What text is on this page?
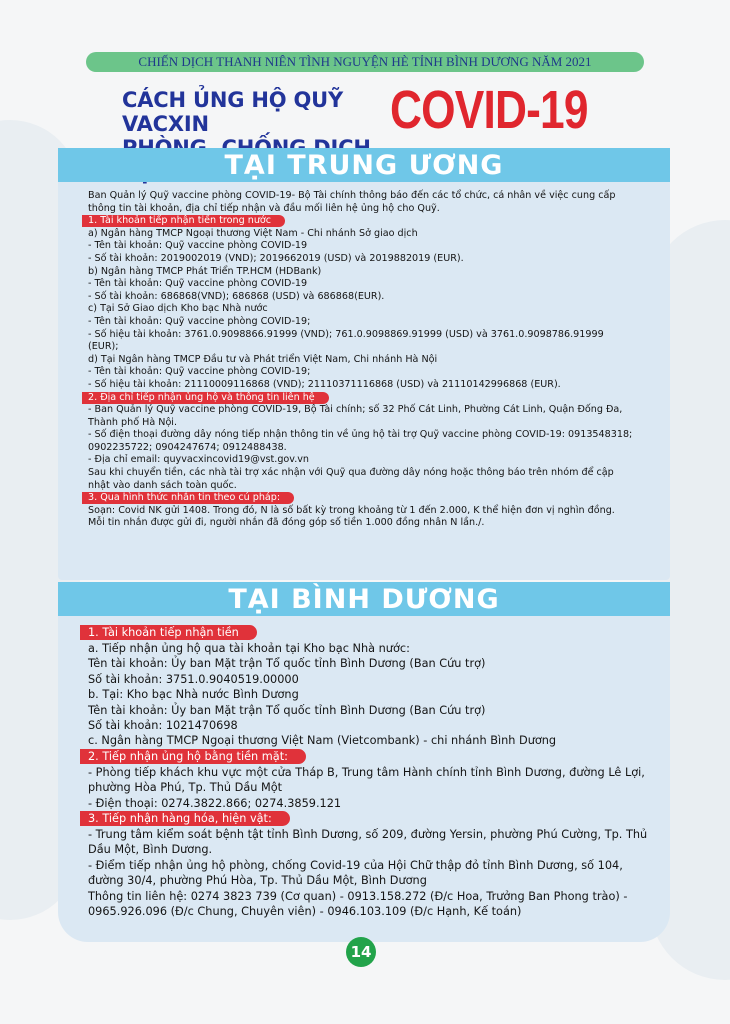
CHIẾN DỊCH THANH NIÊN TÌNH NGUYỆN HÈ TỈNH BÌNH DƯƠNG NĂM 2021
CÁCH ỦNG HỘ QUỸ VACXIN	COVID-19
TẠI TRUNG ƯƠNG
TẠI BÌNH DƯƠNG
Ban Quản lý Quỹ vaccine phòng COVID-19- Bộ Tài chính thông báo đến các tổ chức, cá nhân về việc cung cấp
thông tin tài khoản, địa chỉ tiếp nhận và đầu mối liên hệ ủng hộ cho Quỹ.
1. Tài khoản tiếp nhận tiền trong nước
a) Ngân hàng TMCP Ngoại thương Việt Nam - Chi nhánh Sở giao dịch
- Tên tài khoản: Quỹ vaccine phòng COVID-19
- Số tài khoản: 2019002019 (VND); 2019662019 (USD) và 2019882019 (EUR).
b) Ngân hàng TMCP Phát Triển TP.HCM (HDBank)
- Tên tài khoản: Quỹ vaccine phòng COVID-19
- Số tài khoản: 686868(VND); 686868 (USD) và 686868(EUR).
c) Tại Sở Giao dịch Kho bạc Nhà nước
- Tên tài khoản: Quỹ vaccine phòng COVID-19;
- Số hiệu tài khoản: 3761.0.9098866.91999 (VND); 761.0.9098869.91999 (USD) và 3761.0.9098786.91999
(EUR);
d) Tại Ngân hàng TMCP Đầu tư và Phát triển Việt Nam, Chi nhánh Hà Nội
- Tên tài khoản: Quỹ vaccine phòng COVID-19;
- Số hiệu tài khoản: 21110009116868 (VND); 21110371116868 (USD) và 21110142996868 (EUR).
2. Địa chỉ tiếp nhận ủng hộ và thông tin liên hệ
- Ban Quản lý Quỹ vaccine phòng COVID-19, Bộ Tài chính; số 32 Phố Cát Linh, Phường Cát Linh, Quận Đống Đa,
Thành phố Hà Nội.
- Số điện thoại đường dây nóng tiếp nhận thông tin về ủng hộ tài trợ Quỹ vaccine phòng COVID-19: 0913548318;
0902235722; 0904247674; 0912488438.
- Địa chỉ email: quyvacxincovid19@vst.gov.vn
Sau khi chuyển tiền, các nhà tài trợ xác nhận với Quỹ qua đường dây nóng hoặc thông báo trên nhóm để cập
nhật vào danh sách toàn quốc.
3. Qua hình thức nhắn tin theo cú pháp:
Soạn: Covid NK gửi 1408. Trong đó, N là số bất kỳ trong khoảng từ 1 đến 2.000, K thể hiện đơn vị nghìn đồng.
Mỗi tin nhắn được gửi đi, người nhắn đã đóng góp số tiền 1.000 đồng nhân N lần./.
1. Tài khoản tiếp nhận tiền
a. Tiếp nhận ủng hộ qua tài khoản tại Kho bạc Nhà nước:
Tên tài khoản: Ủy ban Mặt trận Tổ quốc tỉnh Bình Dương (Ban Cứu trợ)
Số tài khoản: 3751.0.9040519.00000
b. Tại: Kho bạc Nhà nước Bình Dương
Tên tài khoản: Ủy ban Mặt trận Tổ quốc tỉnh Bình Dương (Ban Cứu trợ)
Số tài khoản: 1021470698
c. Ngân hàng TMCP Ngoại thương Việt Nam (Vietcombank) - chi nhánh Bình Dương
2. Tiếp nhận ủng hộ bằng tiền mặt:
- Phòng tiếp khách khu vực một cửa Tháp B, Trung tâm Hành chính tỉnh Bình Dương, đường Lê Lợi,
phường Hòa Phú, Tp. Thủ Dầu Một
- Điện thoại: 0274.3822.866; 0274.3859.121
3. Tiếp nhận hàng hóa, hiện vật:
- Trung tâm kiểm soát bệnh tật tỉnh Bình Dương, số 209, đường Yersin, phường Phú Cường, Tp. Thủ
Dầu Một, Bình Dương.
- Điểm tiếp nhận ủng hộ phòng, chống Covid-19 của Hội Chữ thập đỏ tỉnh Bình Dương, số 104,
đường 30/4, phường Phú Hòa, Tp. Thủ Dầu Một, Bình Dương
Thông tin liên hệ: 0274 3823 739 (Cơ quan) - 0913.158.272 (Đ/c Hoa, Trưởng Ban Phong trào) -
0965.926.096 (Đ/c Chung, Chuyên viên) - 0946.103.109 (Đ/c Hạnh, Kế toán)
14
